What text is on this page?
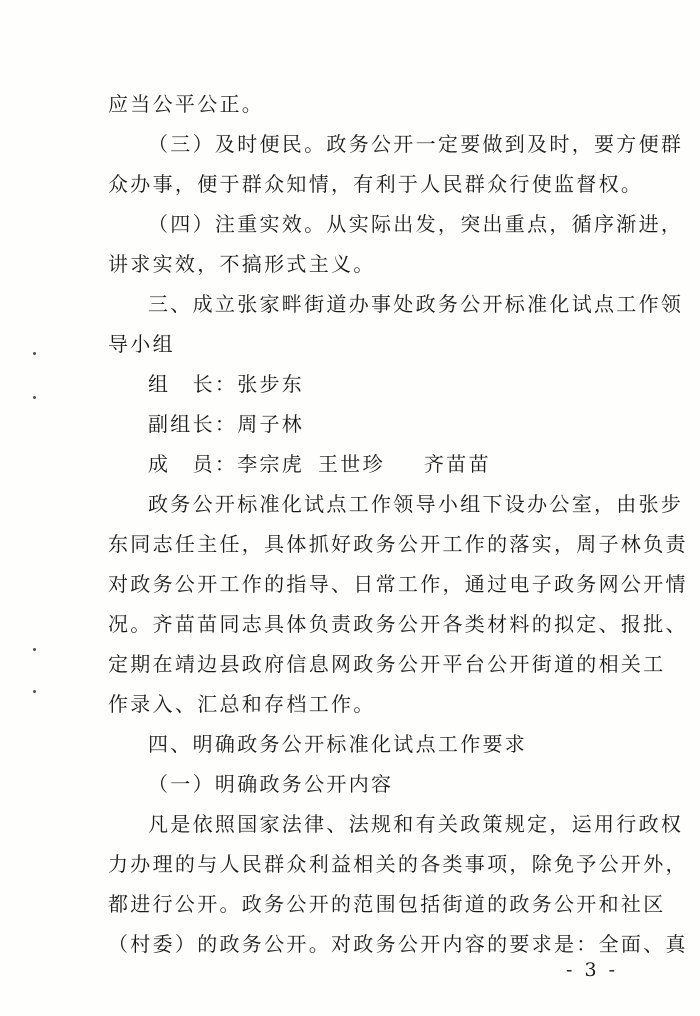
应当公平公正。
（三）及时便民。政务公开一定要做到及时，要方便群
众办事，便于群众知情，有利于人民群众行使监督权。
（四）注重实效。从实际出发，突出重点，循序渐进，
讲求实效，不搞形式主义。
三、成立张家畔街道办事处政务公开标准化试点工作领
导小组
组　长：张步东
副组长：周子林
成　员：李宗虎 王世珍 齐苗苗
政务公开标准化试点工作领导小组下设办公室，由张步
东同志任主任，具体抓好政务公开工作的落实，周子林负责
对政务公开工作的指导、日常工作，通过电子政务网公开情
况。齐苗苗同志具体负责政务公开各类材料的拟定、报批、
定期在靖边县政府信息网政务公开平台公开街道的相关工
作录入、汇总和存档工作。
四、明确政务公开标准化试点工作要求
（一）明确政务公开内容
凡是依照国家法律、法规和有关政策规定，运用行政权
力办理的与人民群众利益相关的各类事项，除免予公开外，
都进行公开。政务公开的范围包括街道的政务公开和社区
（村委）的政务公开。对政务公开内容的要求是：全面、真
- 3 -
